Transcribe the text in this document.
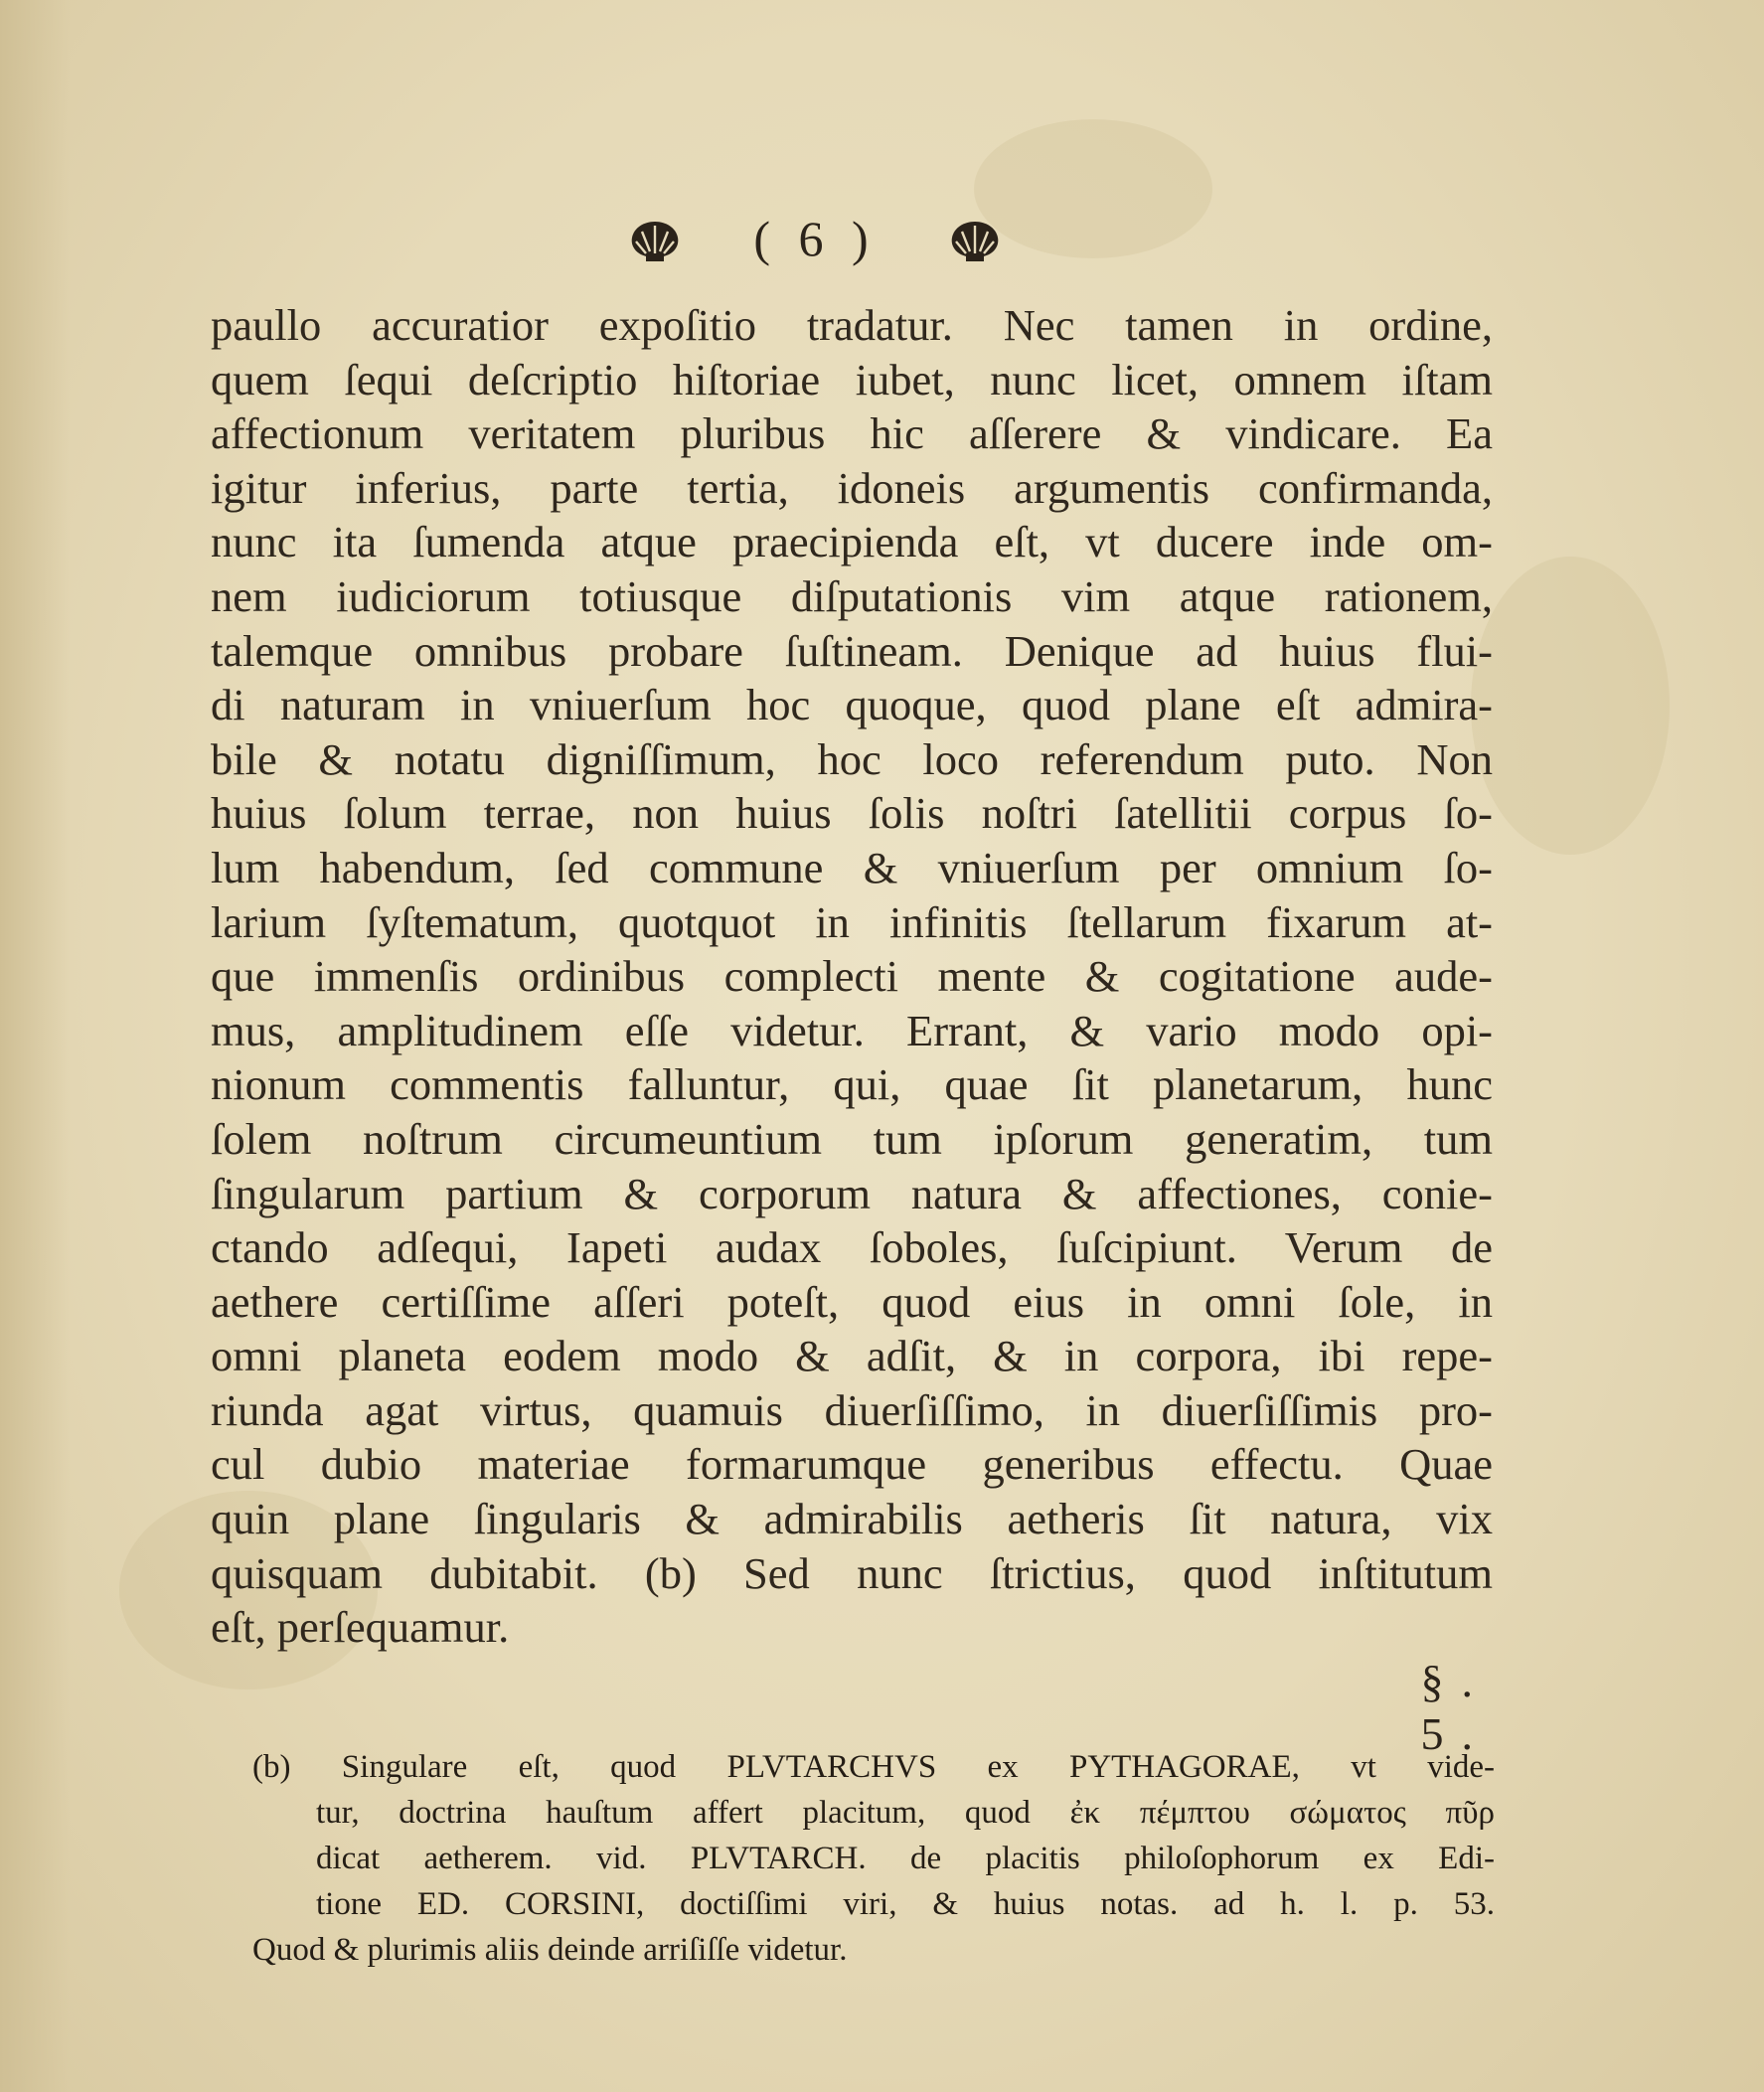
( 6 )
paullo accuratior expoſitio tradatur. Nec tamen in ordine,
quem ſequi deſcriptio hiſtoriae iubet, nunc licet, omnem iſtam
affectionum veritatem pluribus hic aſſerere & vindicare. Ea
igitur inferius, parte tertia, idoneis argumentis confirmanda,
nunc ita ſumenda atque praecipienda eſt, vt ducere inde om-
nem iudiciorum totiusque diſputationis vim atque rationem,
talemque omnibus probare ſuſtineam. Denique ad huius flui-
di naturam in vniuerſum hoc quoque, quod plane eſt admira-
bile & notatu digniſſimum, hoc loco referendum puto. Non
huius ſolum terrae, non huius ſolis noſtri ſatellitii corpus ſo-
lum habendum, ſed commune & vniuerſum per omnium ſo-
larium ſyſtematum, quotquot in infinitis ſtellarum fixarum at-
que immenſis ordinibus complecti mente & cogitatione aude-
mus, amplitudinem eſſe videtur. Errant, & vario modo opi-
nionum commentis falluntur, qui, quae ſit planetarum, hunc
ſolem noſtrum circumeuntium tum ipſorum generatim, tum
ſingularum partium & corporum natura & affectiones, conie-
ctando adſequi, Iapeti audax ſoboles, ſuſcipiunt. Verum de
aethere certiſſime aſſeri poteſt, quod eius in omni ſole, in
omni planeta eodem modo & adſit, & in corpora, ibi repe-
riunda agat virtus, quamuis diuerſiſſimo, in diuerſiſſimis pro-
cul dubio materiae formarumque generibus effectu. Quae
quin plane ſingularis & admirabilis aetheris ſit natura, vix
quisquam dubitabit. (b) Sed nunc ſtrictius, quod inſtitutum
eſt, perſequamur.
§. 5.
(b) Singulare eſt, quod PLVTARCHVS ex PYTHAGORAE, vt vide-
tur, doctrina hauſtum affert placitum, quod ἐκ πέμπτου σώματος πῦρ
dicat aetherem. vid. PLVTARCH. de placitis philoſophorum ex Edi-
tione ED. CORSINI, doctiſſimi viri, & huius notas. ad h. l. p. 53.
Quod & plurimis aliis deinde arriſiſſe videtur.
